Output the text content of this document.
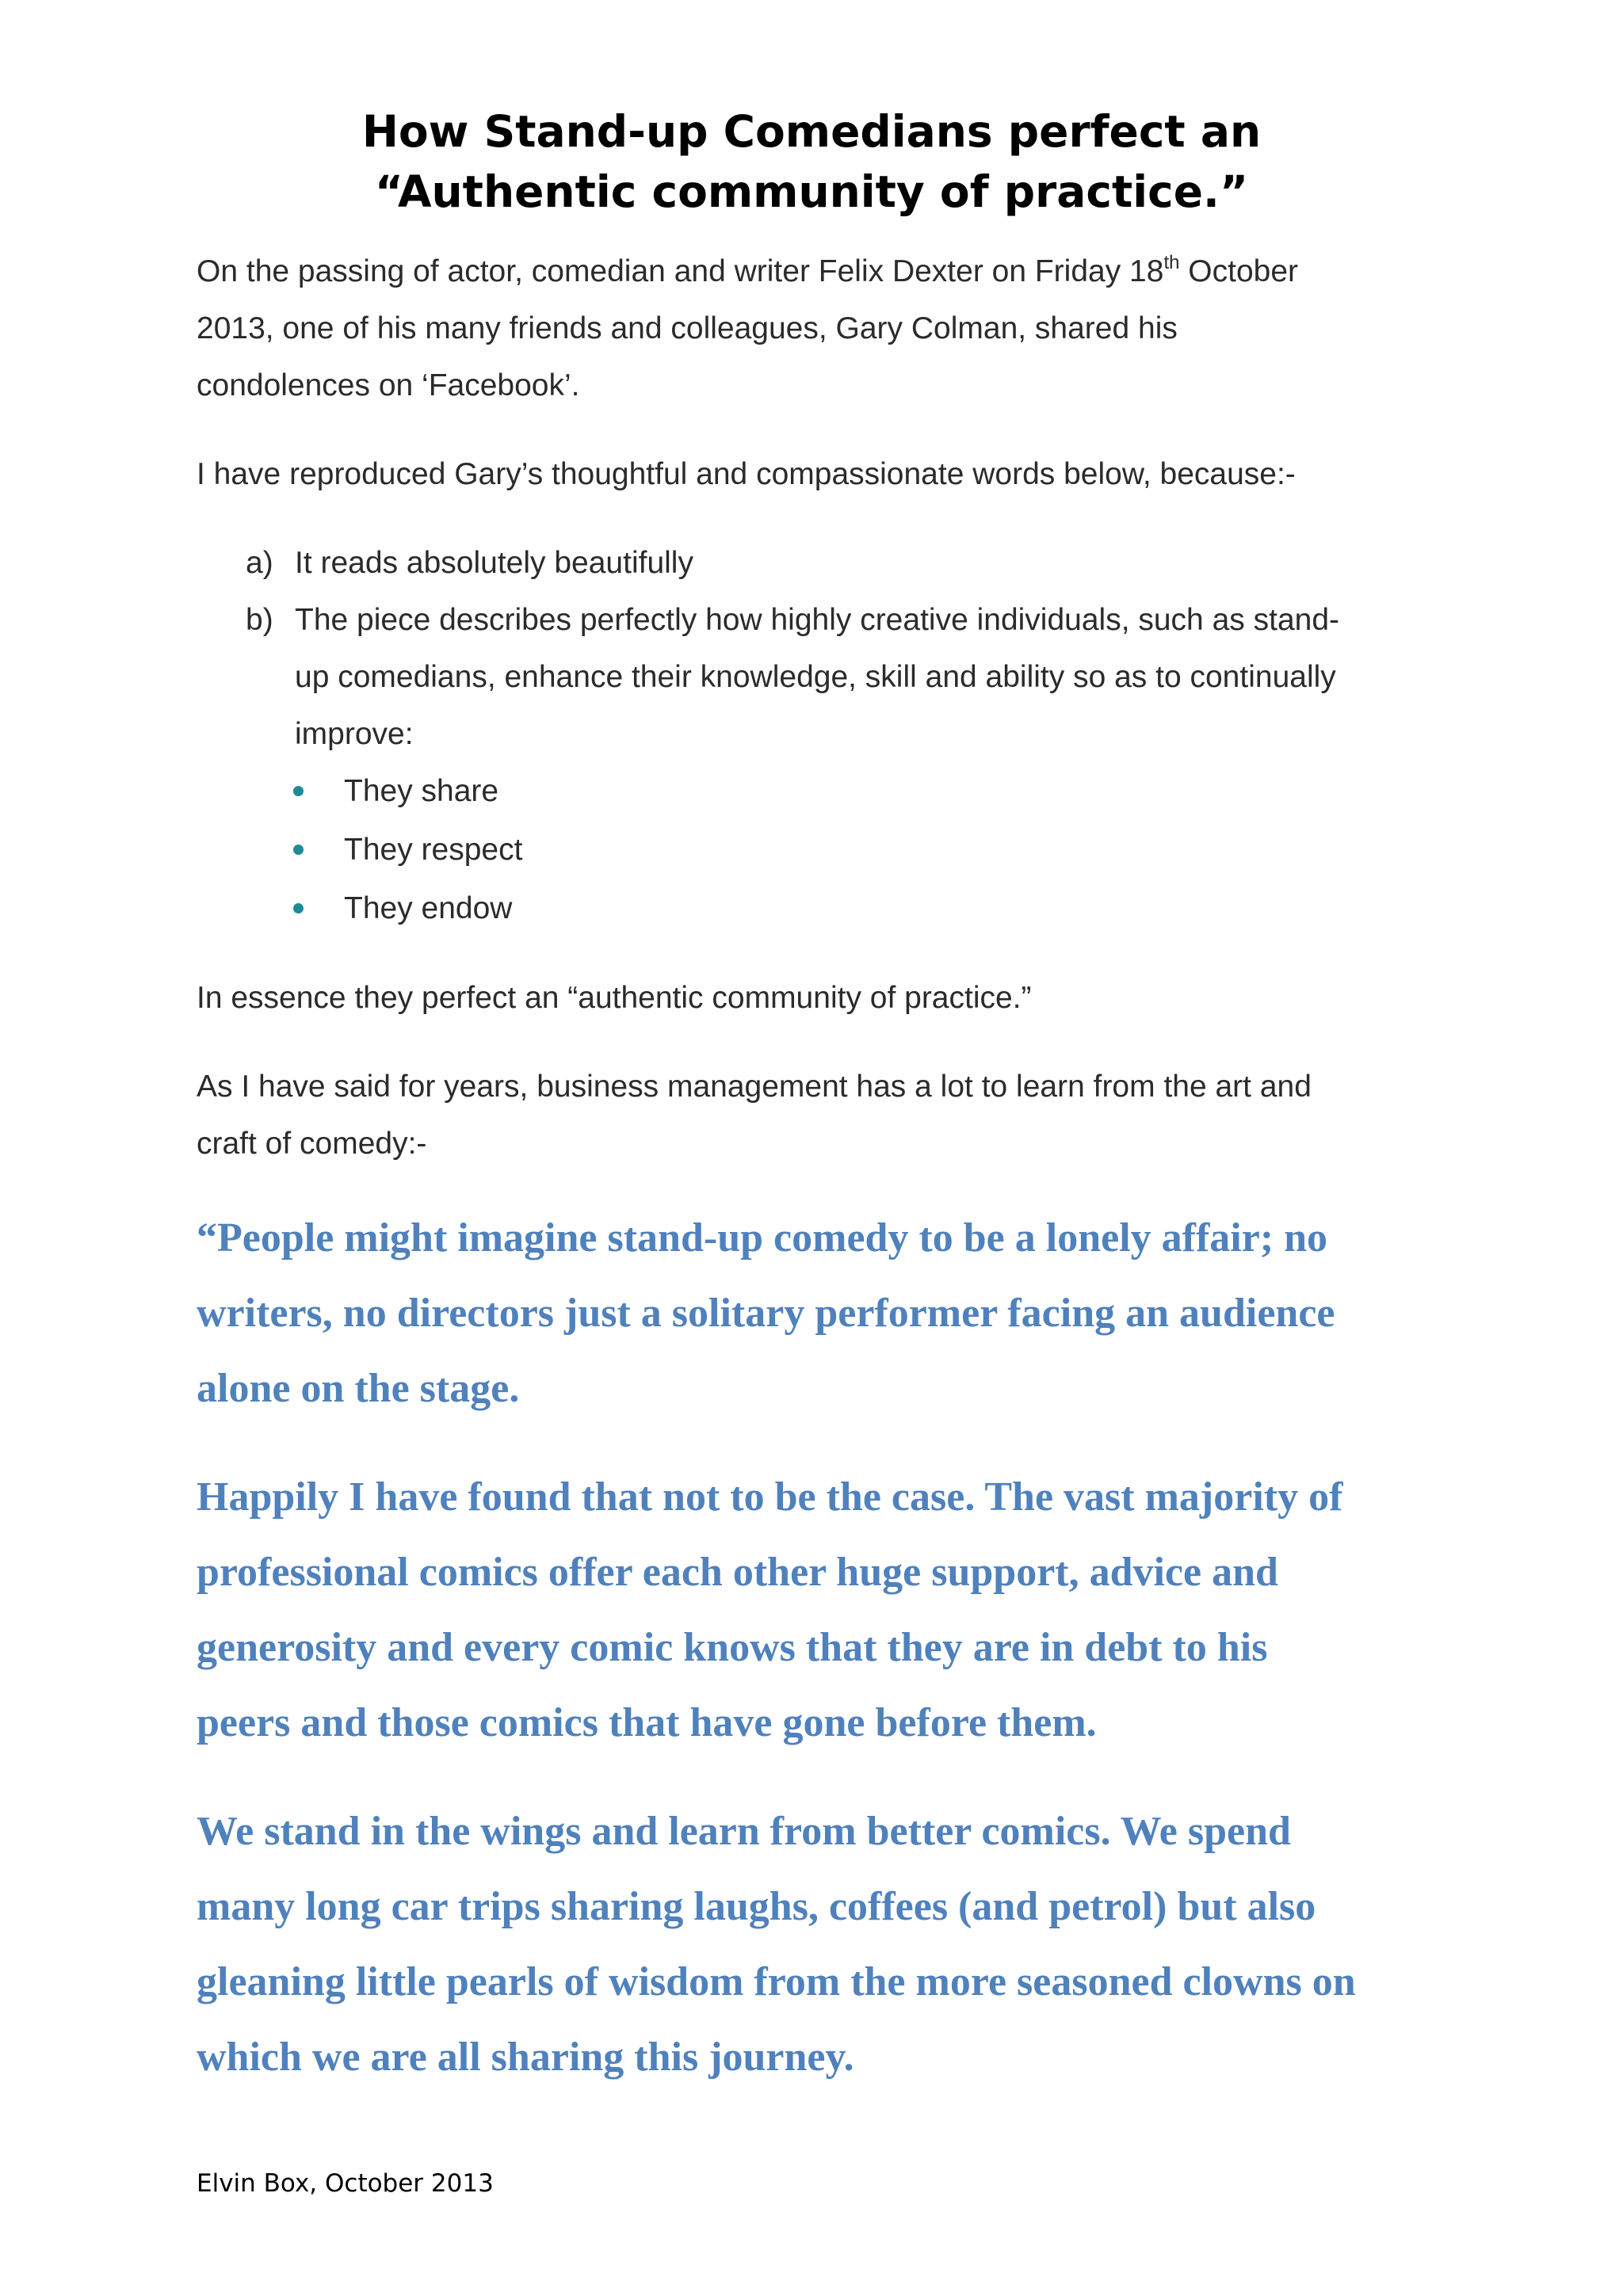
How Stand-up Comedians perfect an
“Authentic community of practice.”

On the passing of actor, comedian and writer Felix Dexter on Friday 18th October

2013, one of his many friends and colleagues, Gary Colman, shared his

condolences on ‘Facebook’.

I have reproduced Gary’s thoughtful and compassionate words below, because:-

a) It reads absolutely beautifully

b) The piece describes perfectly how highly creative individuals, such as stand-

up comedians, enhance their knowledge, skill and ability so as to continually

improve:

They share
They respect
They endow

In essence they perfect an “authentic community of practice.”

As I have said for years, business management has a lot to learn from the art and

craft of comedy:-

“People might imagine stand-up comedy to be a lonely affair; no

writers, no directors just a solitary performer facing an audience

alone on the stage.

Happily I have found that not to be the case. The vast majority of

professional comics offer each other huge support, advice and

generosity and every comic knows that they are in debt to his

peers and those comics that have gone before them.

We stand in the wings and learn from better comics. We spend

many long car trips sharing laughs, coffees (and petrol) but also

gleaning little pearls of wisdom from the more seasoned clowns on

which we are all sharing this journey.

Elvin Box, October 2013
